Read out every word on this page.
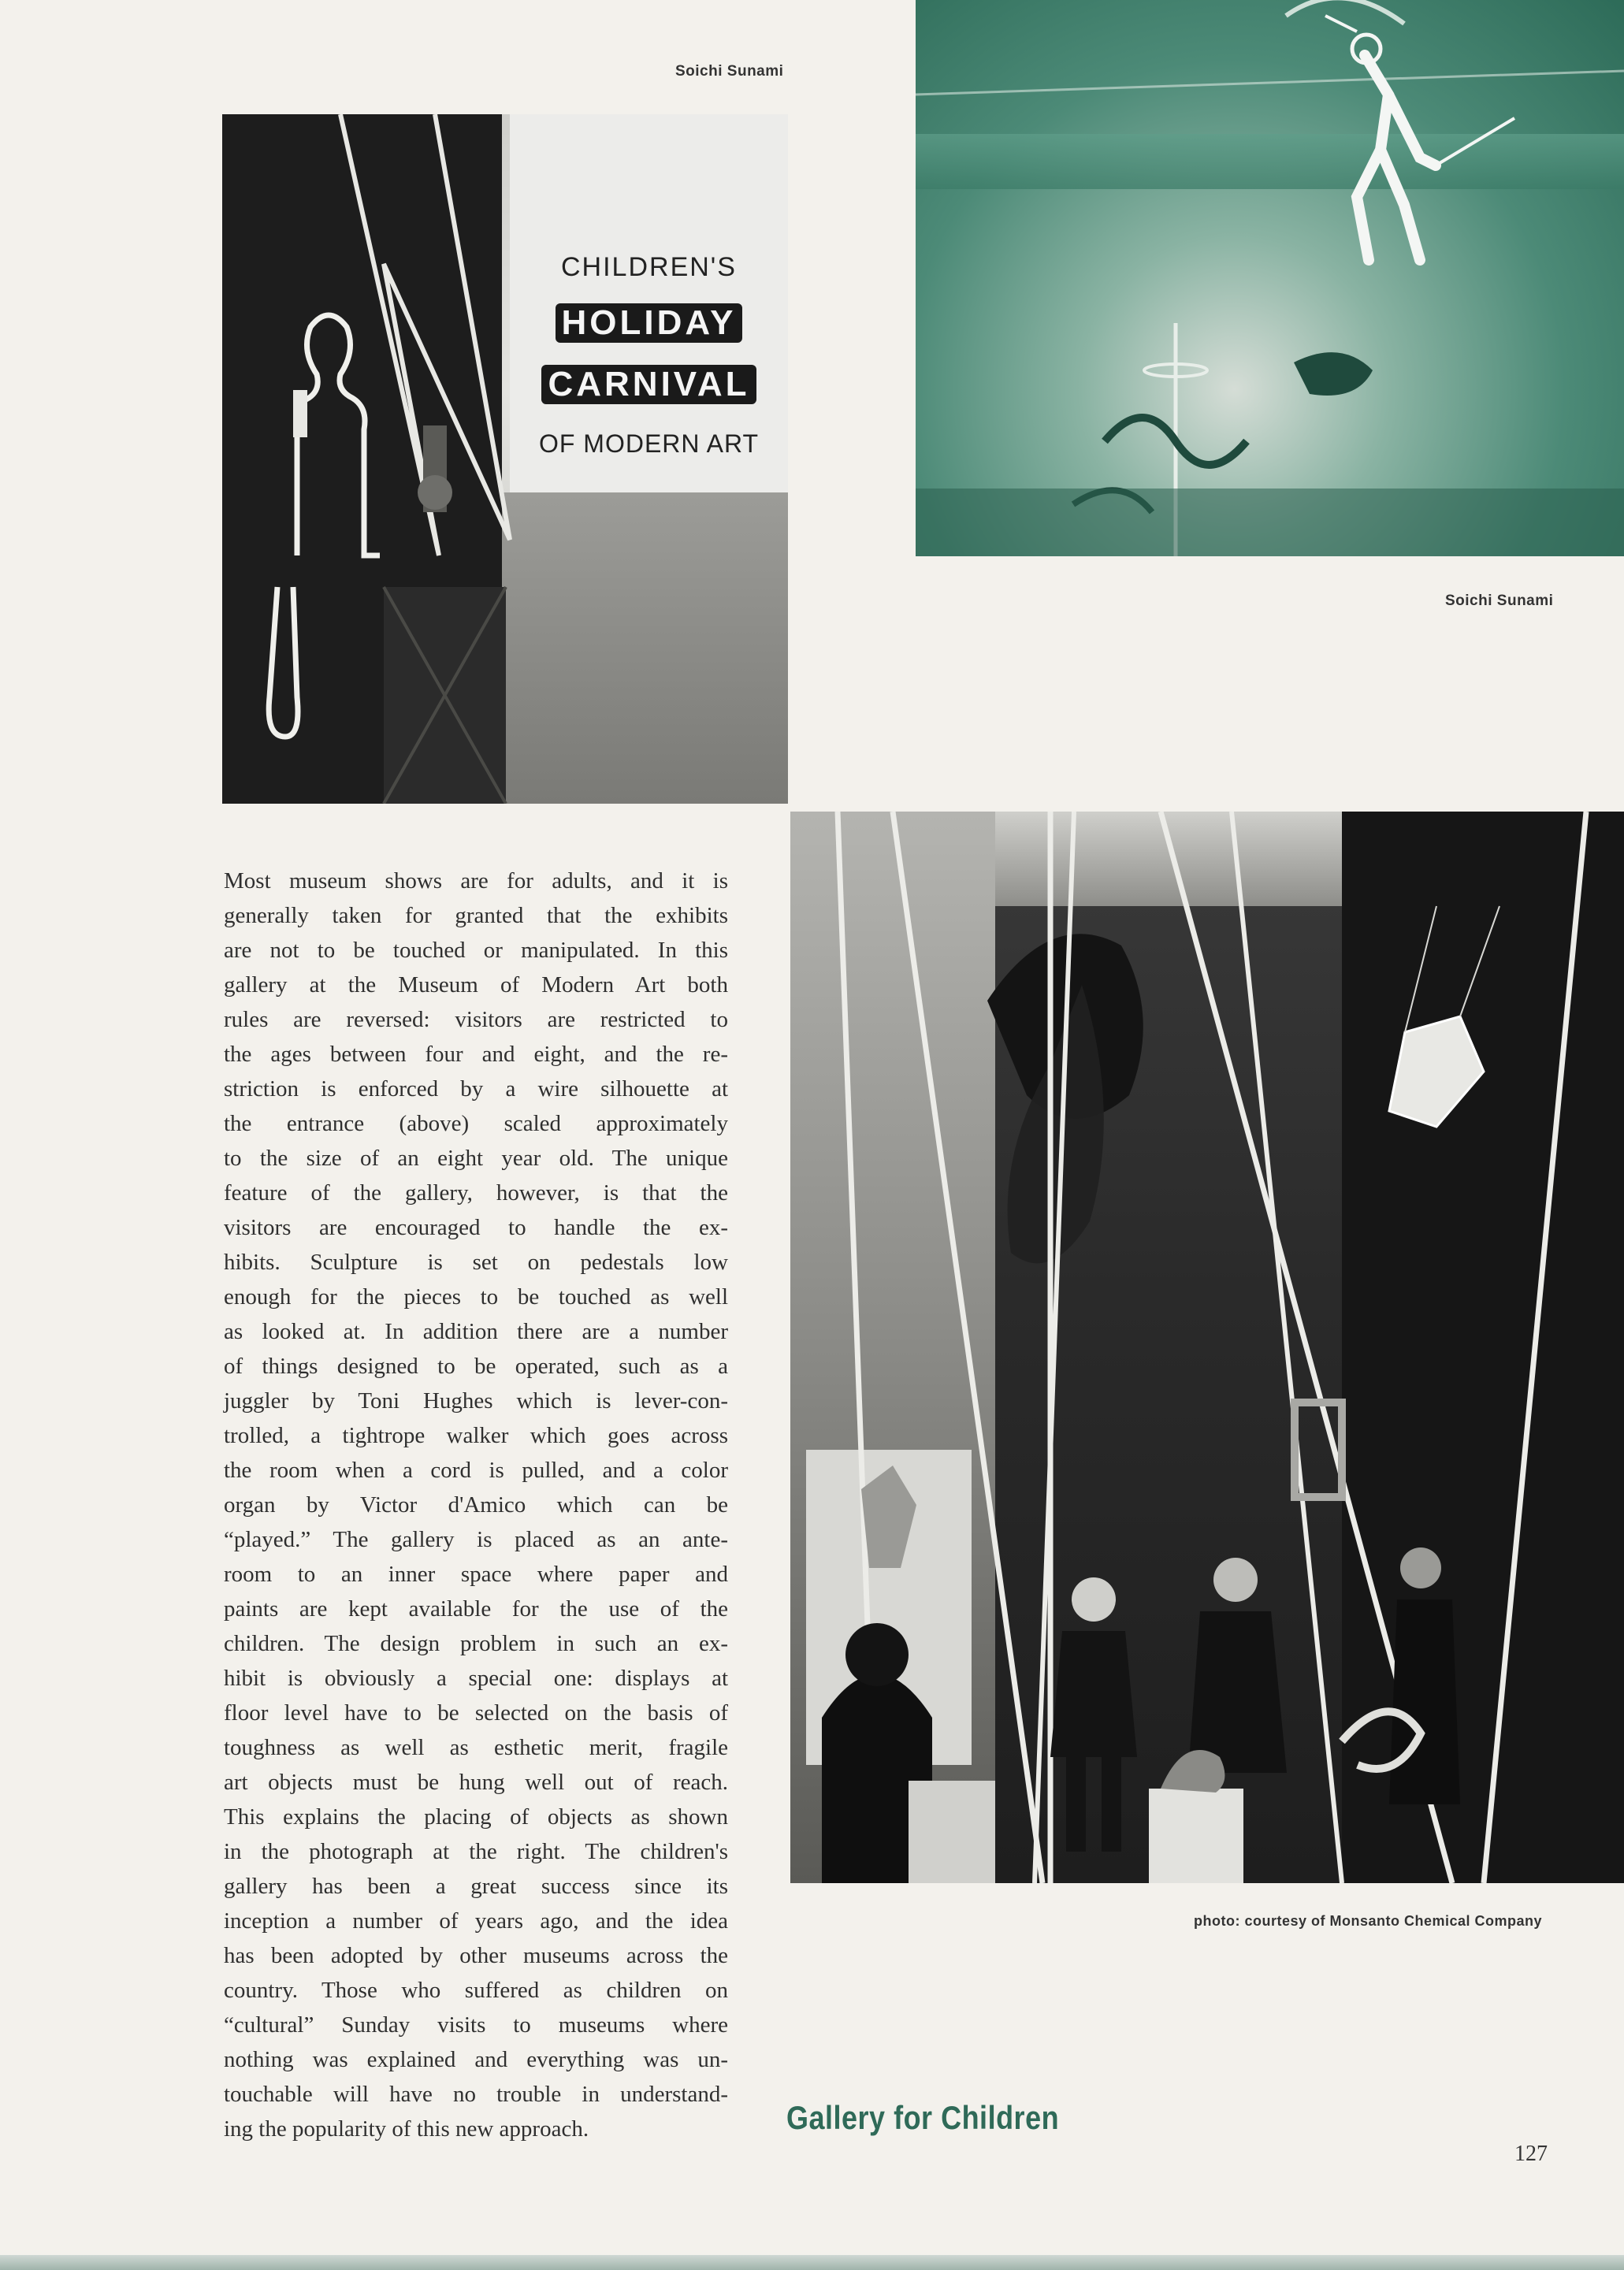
Soichi Sunami
CHILDREN'S
HOLIDAY
CARNIVAL
OF MODERN ART
Soichi Sunami
photo: courtesy of Monsanto Chemical Company
Most museum shows are for adults, and it is
generally taken for granted that the exhibits
are not to be touched or manipulated. In this
gallery at the Museum of Modern Art both
rules are reversed: visitors are restricted to
the ages between four and eight, and the re-
striction is enforced by a wire silhouette at
the entrance (above) scaled approximately
to the size of an eight year old. The unique
feature of the gallery, however, is that the
visitors are encouraged to handle the ex-
hibits. Sculpture is set on pedestals low
enough for the pieces to be touched as well
as looked at. In addition there are a number
of things designed to be operated, such as a
juggler by Toni Hughes which is lever-con-
trolled, a tightrope walker which goes across
the room when a cord is pulled, and a color
organ by Victor d'Amico which can be
“played.” The gallery is placed as an ante-
room to an inner space where paper and
paints are kept available for the use of the
children. The design problem in such an ex-
hibit is obviously a special one: displays at
floor level have to be selected on the basis of
toughness as well as esthetic merit, fragile
art objects must be hung well out of reach.
This explains the placing of objects as shown
in the photograph at the right. The children's
gallery has been a great success since its
inception a number of years ago, and the idea
has been adopted by other museums across the
country. Those who suffered as children on
“cultural” Sunday visits to museums where
nothing was explained and everything was un-
touchable will have no trouble in understand-
ing the popularity of this new approach.	Gallery for Children
127
